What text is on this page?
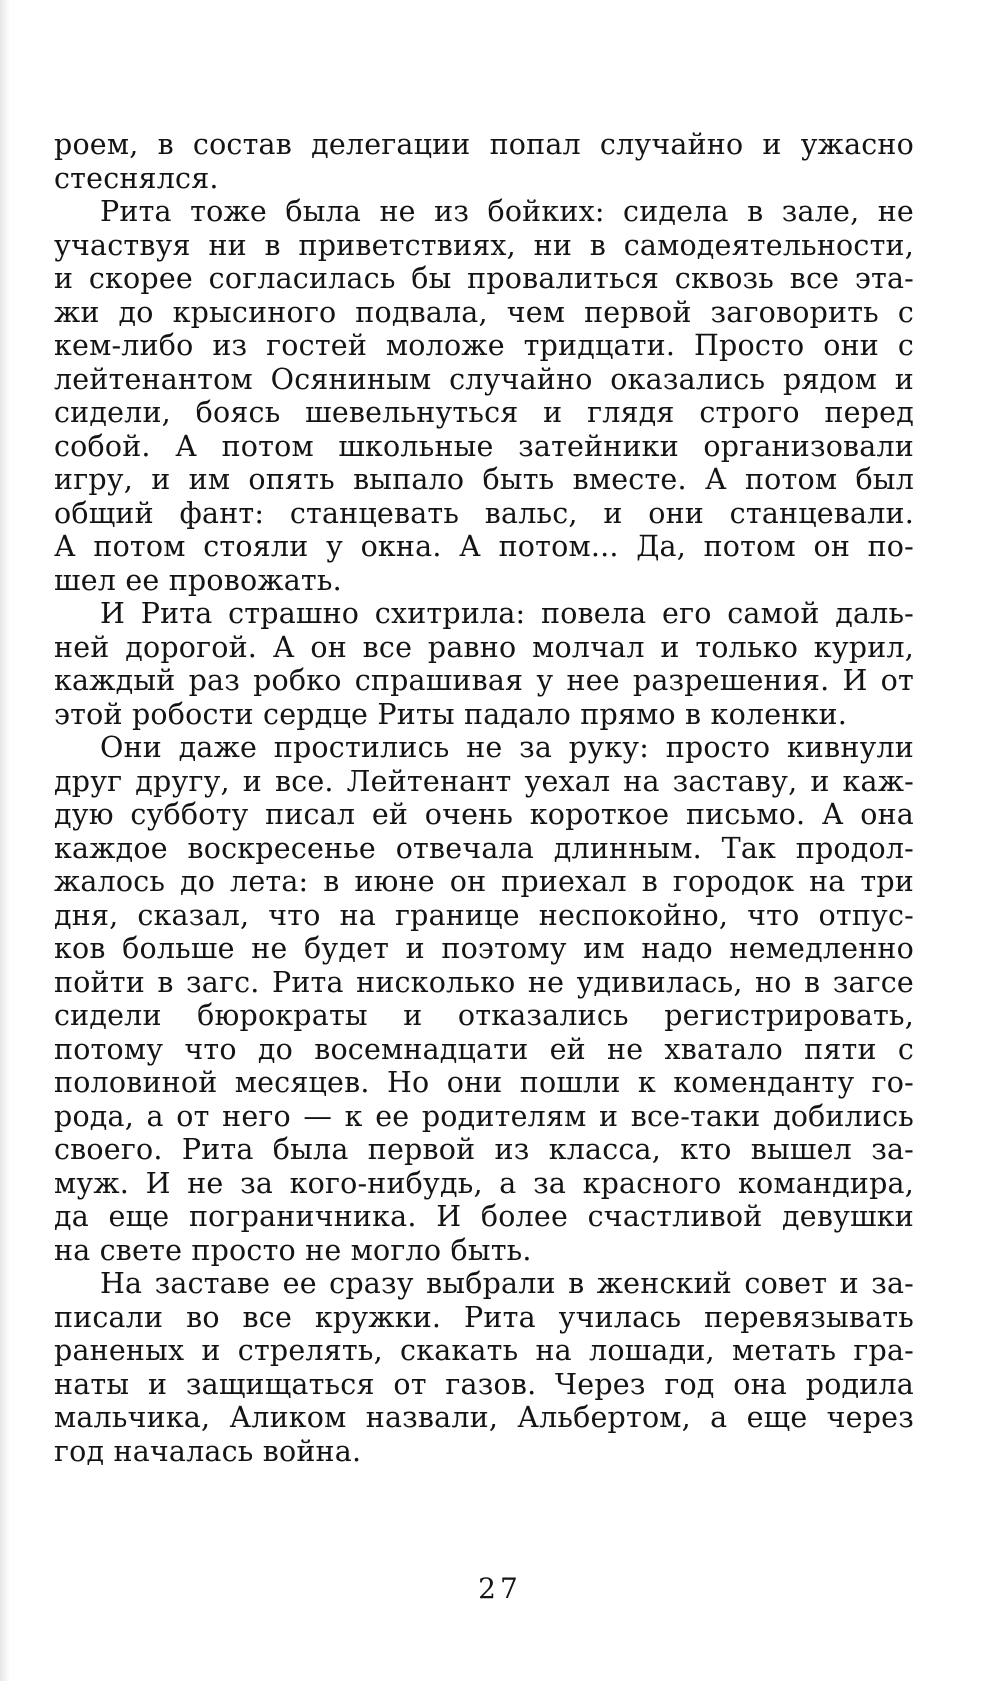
роем, в состав делегации попал случайно и ужасно
стеснялся.
Рита тоже была не из бойких: сидела в зале, не
участвуя ни в приветствиях, ни в самодеятельности,
и скорее согласилась бы провалиться сквозь все эта-
жи до крысиного подвала, чем первой заговорить с
кем-либо из гостей моложе тридцати. Просто они с
лейтенантом Осяниным случайно оказались рядом и
сидели, боясь шевельнуться и глядя строго перед
собой. А потом школьные затейники организовали
игру, и им опять выпало быть вместе. А потом был
общий фант: станцевать вальс, и они станцевали.
А потом стояли у окна. А потом... Да, потом он по-
шел ее провожать.
И Рита страшно схитрила: повела его самой даль-
ней дорогой. А он все равно молчал и только курил,
каждый раз робко спрашивая у нее разрешения. И от
этой робости сердце Риты падало прямо в коленки.
Они даже простились не за руку: просто кивнули
друг другу, и все. Лейтенант уехал на заставу, и каж-
дую субботу писал ей очень короткое письмо. А она
каждое воскресенье отвечала длинным. Так продол-
жалось до лета: в июне он приехал в городок на три
дня, сказал, что на границе неспокойно, что отпус-
ков больше не будет и поэтому им надо немедленно
пойти в загс. Рита нисколько не удивилась, но в загсе
сидели бюрократы и отказались регистрировать,
потому что до восемнадцати ей не хватало пяти с
половиной месяцев. Но они пошли к коменданту го-
рода, а от него — к ее родителям и все-таки добились
своего. Рита была первой из класса, кто вышел за-
муж. И не за кого-нибудь, а за красного командира,
да еще пограничника. И более счастливой девушки
на свете просто не могло быть.
На заставе ее сразу выбрали в женский совет и за-
писали во все кружки. Рита училась перевязывать
раненых и стрелять, скакать на лошади, метать гра-
наты и защищаться от газов. Через год она родила
мальчика, Аликом назвали, Альбертом, а еще через
год началась война.
27
